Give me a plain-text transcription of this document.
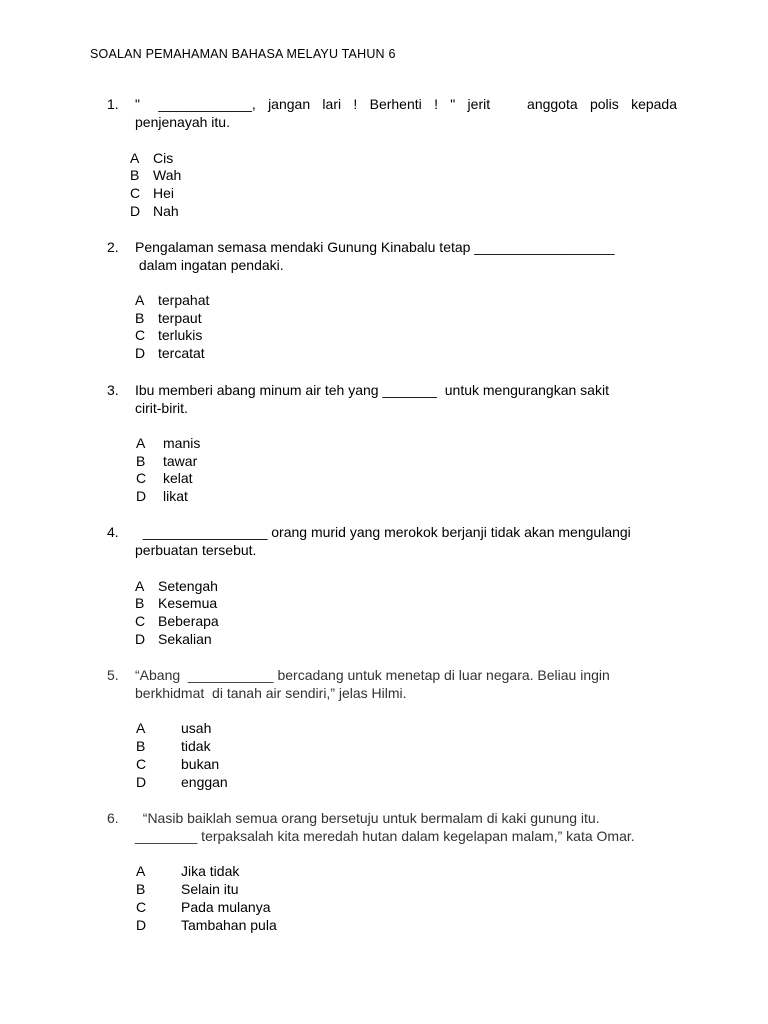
SOALAN PEMAHAMAN BAHASA MELAYU TAHUN 6
1. "   ____________,  jangan  lari  !  Berhenti  !  "  jerit      anggota  polis  kepada
penjenayah itu.
A Cis
B Wah
C Hei
D Nah
2. Pengalaman semasa mendaki Gunung Kinabalu tetap __________________
dalam ingatan pendaki.
A terpahat
B terpaut
C terlukis
D tercatat
3. Ibu memberi abang minum air teh yang _______  untuk mengurangkan sakit
cirit-birit.
A manis
B tawar
C kelat
D likat
4. ________________ orang murid yang merokok berjanji tidak akan mengulangi
perbuatan tersebut.
A Setengah
B Kesemua
C Beberapa
D Sekalian
5. “Abang  ___________ bercadang untuk menetap di luar negara. Beliau ingin
berkhidmat  di tanah air sendiri,” jelas Hilmi.
A	usah
B	tidak
C bukan
D enggan
6. “Nasib baiklah semua orang bersetuju untuk bermalam di kaki gunung itu.
________ terpaksalah kita meredah hutan dalam kegelapan malam,” kata Omar.
A	Jika tidak
B	Selain itu
C Pada mulanya
D Tambahan pula
